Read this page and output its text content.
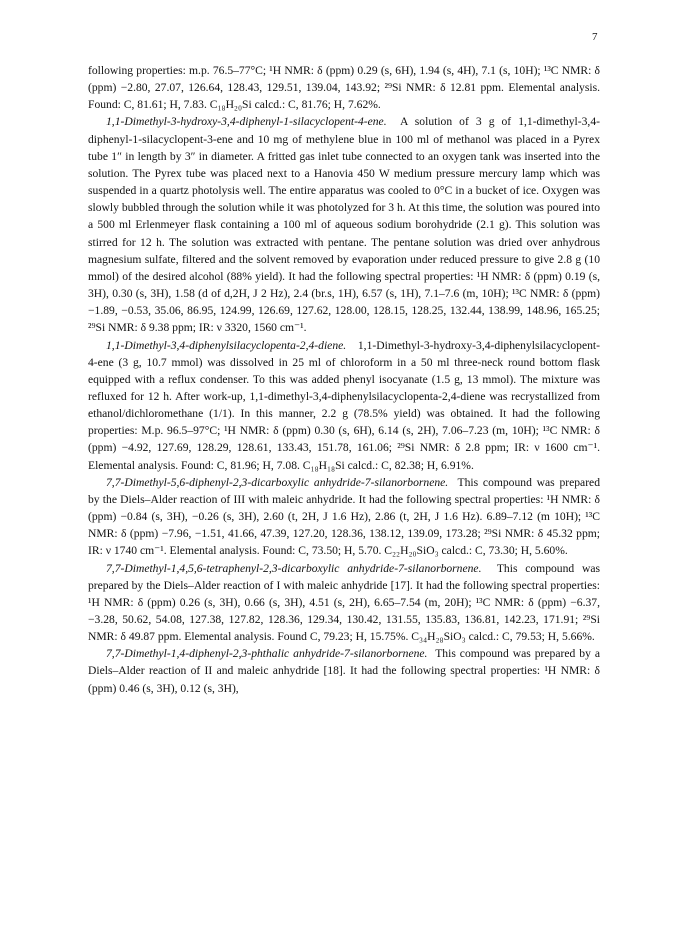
7

following properties: m.p. 76.5–77°C; ¹H NMR: δ (ppm) 0.29 (s, 6H), 1.94 (s, 4H), 7.1 (s, 10H); ¹³C NMR: δ (ppm) −2.80, 27.07, 126.64, 128.43, 129.51, 139.04, 143.92; ²⁹Si NMR: δ 12.81 ppm. Elemental analysis. Found: C, 81.61; H, 7.83. C₁₈H₂₀Si calcd.: C, 81.76; H, 7.62%.

1,1-Dimethyl-3-hydroxy-3,4-diphenyl-1-silacyclopent-4-ene. A solution of 3 g of 1,1-dimethyl-3,4-diphenyl-1-silacyclopent-3-ene and 10 mg of methylene blue in 100 ml of methanol was placed in a Pyrex tube 1″ in length by 3″ in diameter. A fritted gas inlet tube connected to an oxygen tank was inserted into the solution. The Pyrex tube was placed next to a Hanovia 450 W medium pressure mercury lamp which was suspended in a quartz photolysis well. The entire apparatus was cooled to 0°C in a bucket of ice. Oxygen was slowly bubbled through the solution while it was photolyzed for 3 h. At this time, the solution was poured into a 500 ml Erlenmeyer flask containing a 100 ml of aqueous sodium borohydride (2.1 g). This solution was stirred for 12 h. The solution was extracted with pentane. The pentane solution was dried over anhydrous magnesium sulfate, filtered and the solvent removed by evaporation under reduced pressure to give 2.8 g (10 mmol) of the desired alcohol (88% yield). It had the following spectral properties: ¹H NMR: δ (ppm) 0.19 (s, 3H), 0.30 (s, 3H), 1.58 (d of d,2H, J 2 Hz), 2.4 (br.s, 1H), 6.57 (s, 1H), 7.1–7.6 (m, 10H); ¹³C NMR: δ (ppm) −1.89, −0.53, 35.06, 86.95, 124.99, 126.69, 127.62, 128.00, 128.15, 128.25, 132.44, 138.99, 148.96, 165.25; ²⁹Si NMR: δ 9.38 ppm; IR: ν 3320, 1560 cm⁻¹.

1,1-Dimethyl-3,4-diphenylsilacyclopenta-2,4-diene. 1,1-Dimethyl-3-hydroxy-3,4-diphenylsilacyclopent-4-ene (3 g, 10.7 mmol) was dissolved in 25 ml of chloroform in a 50 ml three-neck round bottom flask equipped with a reflux condenser. To this was added phenyl isocyanate (1.5 g, 13 mmol). The mixture was refluxed for 12 h. After work-up, 1,1-dimethyl-3,4-diphenylsilacyclopenta-2,4-diene was recrystallized from ethanol/dichloromethane (1/1). In this manner, 2.2 g (78.5% yield) was obtained. It had the following properties: M.p. 96.5–97°C; ¹H NMR: δ (ppm) 0.30 (s, 6H), 6.14 (s, 2H), 7.06–7.23 (m, 10H); ¹³C NMR: δ (ppm) −4.92, 127.69, 128.29, 128.61, 133.43, 151.78, 161.06; ²⁹Si NMR: δ 2.8 ppm; IR: ν 1600 cm⁻¹. Elemental analysis. Found: C, 81.96; H, 7.08. C₁₈H₁₈Si calcd.: C, 82.38; H, 6.91%.

7,7-Dimethyl-5,6-diphenyl-2,3-dicarboxylic anhydride-7-silanorbornene. This compound was prepared by the Diels–Alder reaction of III with maleic anhydride. It had the following spectral properties: ¹H NMR: δ (ppm) −0.84 (s, 3H), −0.26 (s, 3H), 2.60 (t, 2H, J 1.6 Hz), 2.86 (t, 2H, J 1.6 Hz). 6.89–7.12 (m 10H); ¹³C NMR: δ (ppm) −7.96, −1.51, 41.66, 47.39, 127.20, 128.36, 138.12, 139.09, 173.28; ²⁹Si NMR: δ 45.32 ppm; IR: ν 1740 cm⁻¹. Elemental analysis. Found: C, 73.50; H, 5.70. C₂₂H₂₀SiO₃ calcd.: C, 73.30; H, 5.60%.

7,7-Dimethyl-1,4,5,6-tetraphenyl-2,3-dicarboxylic anhydride-7-silanorbornene. This compound was prepared by the Diels–Alder reaction of I with maleic anhydride [17]. It had the following spectral properties: ¹H NMR: δ (ppm) 0.26 (s, 3H), 0.66 (s, 3H), 4.51 (s, 2H), 6.65–7.54 (m, 20H); ¹³C NMR: δ (ppm) −6.37, −3.28, 50.62, 54.08, 127.38, 127.82, 128.36, 129.34, 130.42, 131.55, 135.83, 136.81, 142.23, 171.91; ²⁹Si NMR: δ 49.87 ppm. Elemental analysis. Found C, 79.23; H, 15.75%. C₃₄H₂₈SiO₃ calcd.: C, 79.53; H, 5.66%.

7,7-Dimethyl-1,4-diphenyl-2,3-phthalic anhydride-7-silanorbornene. This compound was prepared by a Diels–Alder reaction of II and maleic anhydride [18]. It had the following spectral properties: ¹H NMR: δ (ppm) 0.46 (s, 3H), 0.12 (s, 3H),
